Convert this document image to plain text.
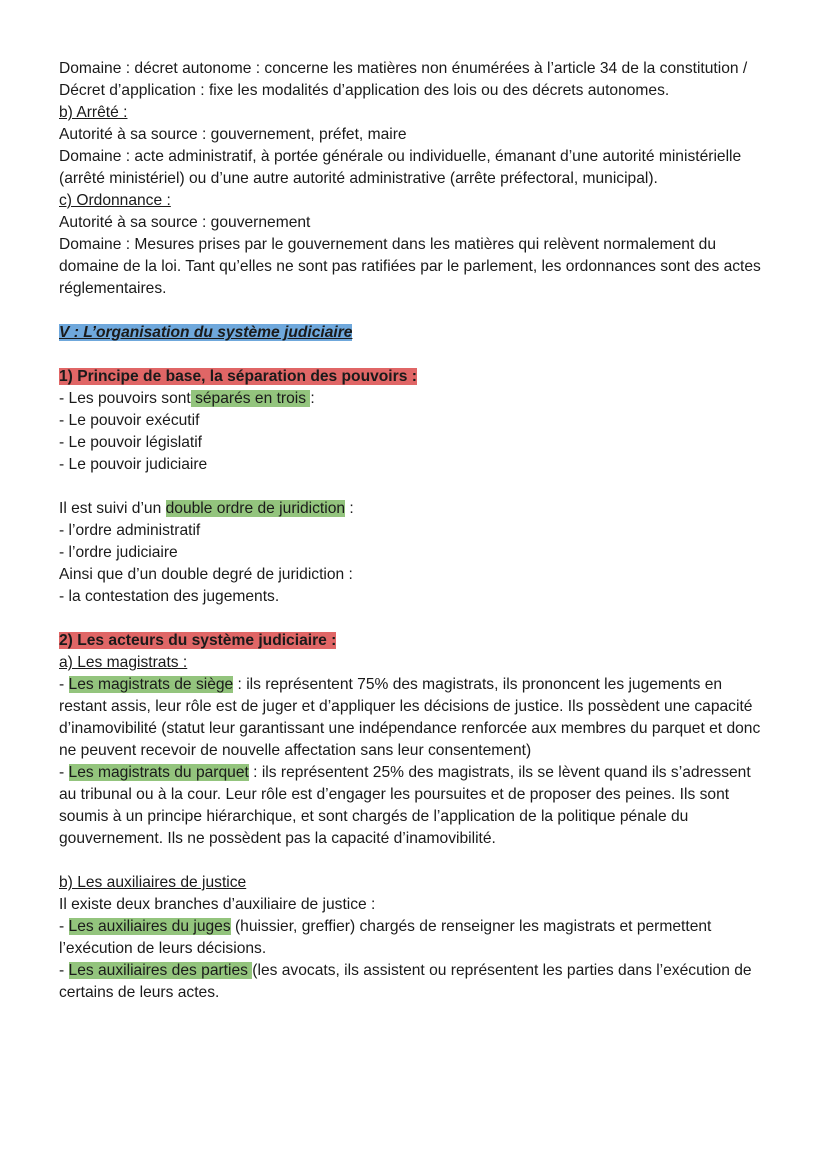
Domaine : décret autonome : concerne les matières non énumérées à l’article 34 de la constitution / Décret d’application : fixe les modalités d’application des lois ou des décrets autonomes.

b) Arrêté :

Autorité à sa source : gouvernement, préfet, maire

Domaine : acte administratif, à portée générale ou individuelle, émanant d’une autorité ministérielle (arrêté ministériel) ou d’une autre autorité administrative (arrête préfectoral, municipal).

c) Ordonnance :

Autorité à sa source : gouvernement

Domaine : Mesures prises par le gouvernement dans les matières qui relèvent normalement du domaine de la loi. Tant qu’elles ne sont pas ratifiées par le parlement, les ordonnances sont des actes réglementaires.

V : L’organisation du système judiciaire

1) Principe de base, la séparation des pouvoirs :

- Les pouvoirs sont séparés en trois :

- Le pouvoir exécutif

- Le pouvoir législatif

- Le pouvoir judiciaire

Il est suivi d’un double ordre de juridiction :

- l’ordre administratif

- l’ordre judiciaire

Ainsi que d’un double degré de juridiction :

- la contestation des jugements.

2) Les acteurs du système judiciaire :

a) Les magistrats :

- Les magistrats de siège : ils représentent 75% des magistrats, ils prononcent les jugements en restant assis, leur rôle est de juger et d’appliquer les décisions de justice. Ils possèdent une capacité d’inamovibilité (statut leur garantissant une indépendance renforcée aux membres du parquet et donc ne peuvent recevoir de nouvelle affectation sans leur consentement)

- Les magistrats du parquet : ils représentent 25% des magistrats, ils se lèvent quand ils s’adressent au tribunal ou à la cour. Leur rôle est d’engager les poursuites et de proposer des peines. Ils sont soumis à un principe hiérarchique, et sont chargés de l’application de la politique pénale du gouvernement. Ils ne possèdent pas la capacité d’inamovibilité.

b) Les auxiliaires de justice

Il existe deux branches d’auxiliaire de justice :

- Les auxiliaires du juges (huissier, greffier) chargés de renseigner les magistrats et permettent l’exécution de leurs décisions.

- Les auxiliaires des parties (les avocats, ils assistent ou représentent les parties dans l’exécution de certains de leurs actes.
